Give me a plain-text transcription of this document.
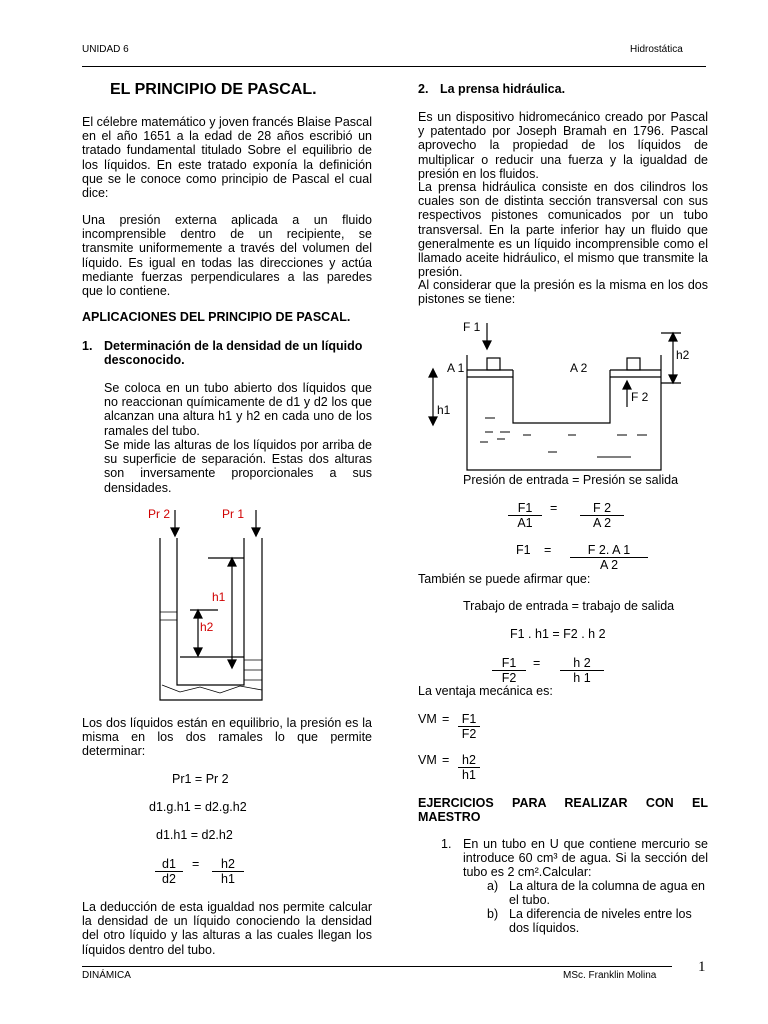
UNIDAD 6	Hidrostática
EL PRINCIPIO DE PASCAL.
El célebre matemático y joven francés Blaise Pascal en el año 1651 a la edad de 28 años escribió un tratado fundamental titulado Sobre el equilibrio de los líquidos. En este tratado exponía la definición que se le conoce como principio de Pascal el cual dice:
Una presión externa aplicada a un fluido incomprensible dentro de un recipiente, se transmite uniformemente a través del volumen del líquido. Es igual en todas las direcciones y actúa mediante fuerzas perpendiculares a las paredes que lo contiene.
APLICACIONES DEL PRINCIPIO DE PASCAL.
1. Determinación de la densidad de un líquido desconocido.
Se coloca en un tubo abierto dos líquidos que no reaccionan químicamente de d1 y d2 los que alcanzan una altura h1 y h2 en cada uno de los ramales del tubo.
Se mide las alturas de los líquidos por arriba de su superficie de separación. Estas dos alturas son inversamente proporcionales a sus densidades.
Pr 2	Pr 1
h1
h2
Los dos líquidos están en equilibrio, la presión es la misma en los dos ramales lo que permite determinar:
Pr1 = Pr 2
d1.g.h1 = d2.g.h2
d1.h1 = d2.h2
$\frac{d1}{d2} = \frac{h2}{h1}$
La deducción de esta igualdad nos permite calcular la densidad de un líquido conociendo la densidad del otro líquido y las alturas a las cuales llegan los líquidos dentro del tubo.
2. La prensa hidráulica.
Es un dispositivo hidromecánico creado por Pascal y patentado por Joseph Bramah en 1796. Pascal aprovecho la propiedad de los líquidos de multiplicar o reducir una fuerza y la igualdad de presión en los fluidos.
La prensa hidráulica consiste en dos cilindros los cuales son de distinta sección transversal con sus respectivos pistones comunicados por un tubo transversal. En la parte inferior hay un fluido que generalmente es un líquido incomprensible como el llamado aceite hidráulico, el mismo que transmite la presión.
Al considerar que la presión es la misma en los dos pistones se tiene:
F 1
A 1	A 2
h1
h2
F 2
Presión de entrada = Presión se salida
$\frac{F1}{A1} = \frac{F 2}{A 2}$
$F1 = \frac{F 2. A 1}{A 2}$
También se puede afirmar que:
Trabajo de entrada = trabajo de salida
F1 . h1 = F2 . h 2
$\frac{F1}{F2} = \frac{h 2}{h 1}$
La ventaja mecánica es:
VM = $\frac{F1}{F2}$
VM = $\frac{h2}{h1}$
EJERCICIOS PARA REALIZAR CON EL MAESTRO
1. En un tubo en U que contiene mercurio se introduce 60 cm³ de agua. Si la sección del tubo es 2 cm².Calcular:
a) La altura de la columna de agua en el tubo.
b) La diferencia de niveles entre los dos líquidos.
DINÁMICA	MSc. Franklin Molina
1
